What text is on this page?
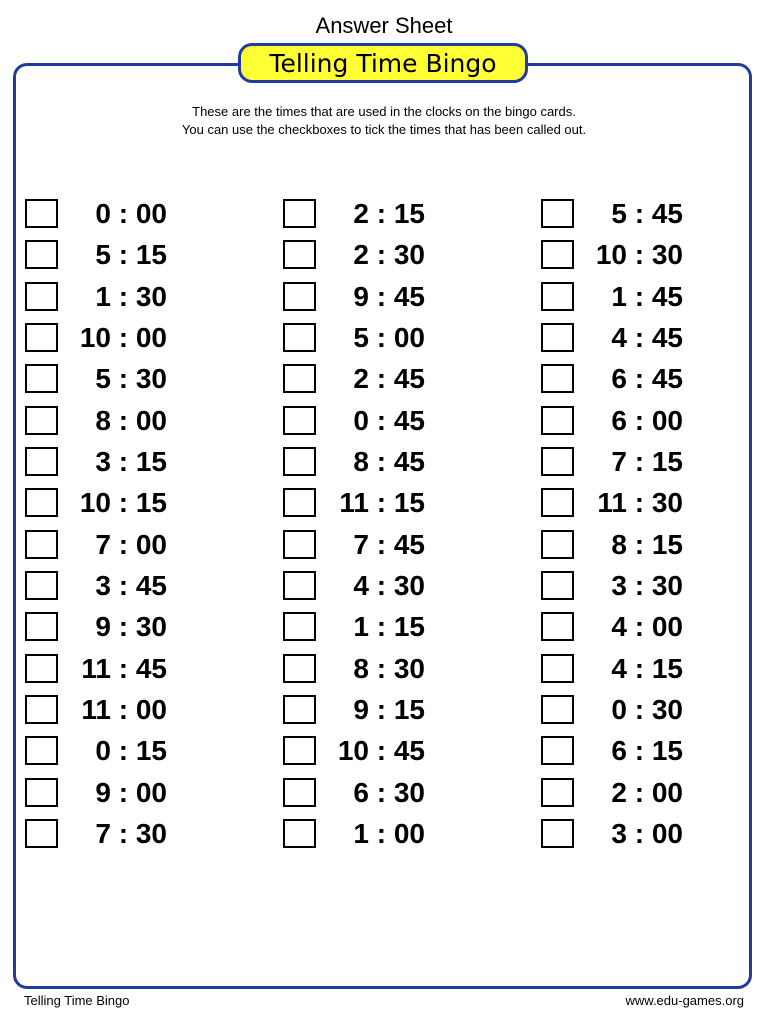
Answer Sheet
Telling Time Bingo
These are the times that are used in the clocks on the bingo cards.
You can use the checkboxes to tick the times that has been called out.
0 : 00
5 : 15
1 : 30
10 : 00
5 : 30
8 : 00
3 : 15
10 : 15
7 : 00
3 : 45
9 : 30
11 : 45
11 : 00
0 : 15
9 : 00
7 : 30
2 : 15
2 : 30
9 : 45
5 : 00
2 : 45
0 : 45
8 : 45
11 : 15
7 : 45
4 : 30
1 : 15
8 : 30
9 : 15
10 : 45
6 : 30
1 : 00
5 : 45
10 : 30
1 : 45
4 : 45
6 : 45
6 : 00
7 : 15
11 : 30
8 : 15
3 : 30
4 : 00
4 : 15
0 : 30
6 : 15
2 : 00
3 : 00
Telling Time Bingo	www.edu-games.org
